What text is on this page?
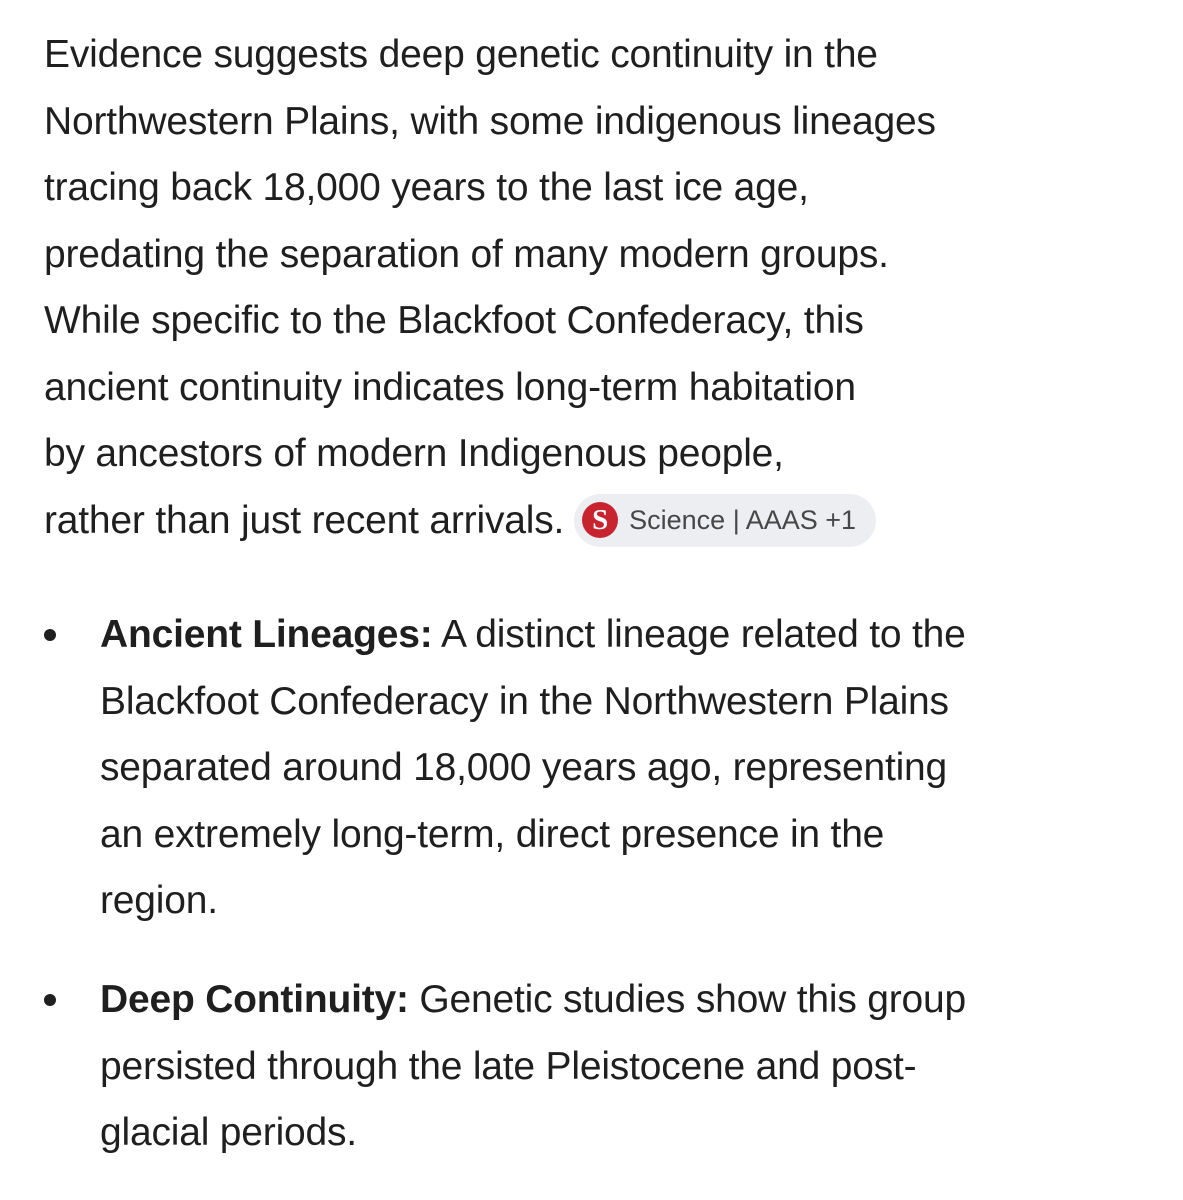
Evidence suggests deep genetic continuity in the
Northwestern Plains, with some indigenous lineages
tracing back 18,000 years to the last ice age,
predating the separation of many modern groups.
While specific to the Blackfoot Confederacy, this
ancient continuity indicates long-term habitation
by ancestors of modern Indigenous people,
rather than just recent arrivals. S Science | AAAS +1
Ancient Lineages: A distinct lineage related to the
Blackfoot Confederacy in the Northwestern Plains
separated around 18,000 years ago, representing
an extremely long-term, direct presence in the
region.
Deep Continuity: Genetic studies show this group
persisted through the late Pleistocene and post-
glacial periods.
